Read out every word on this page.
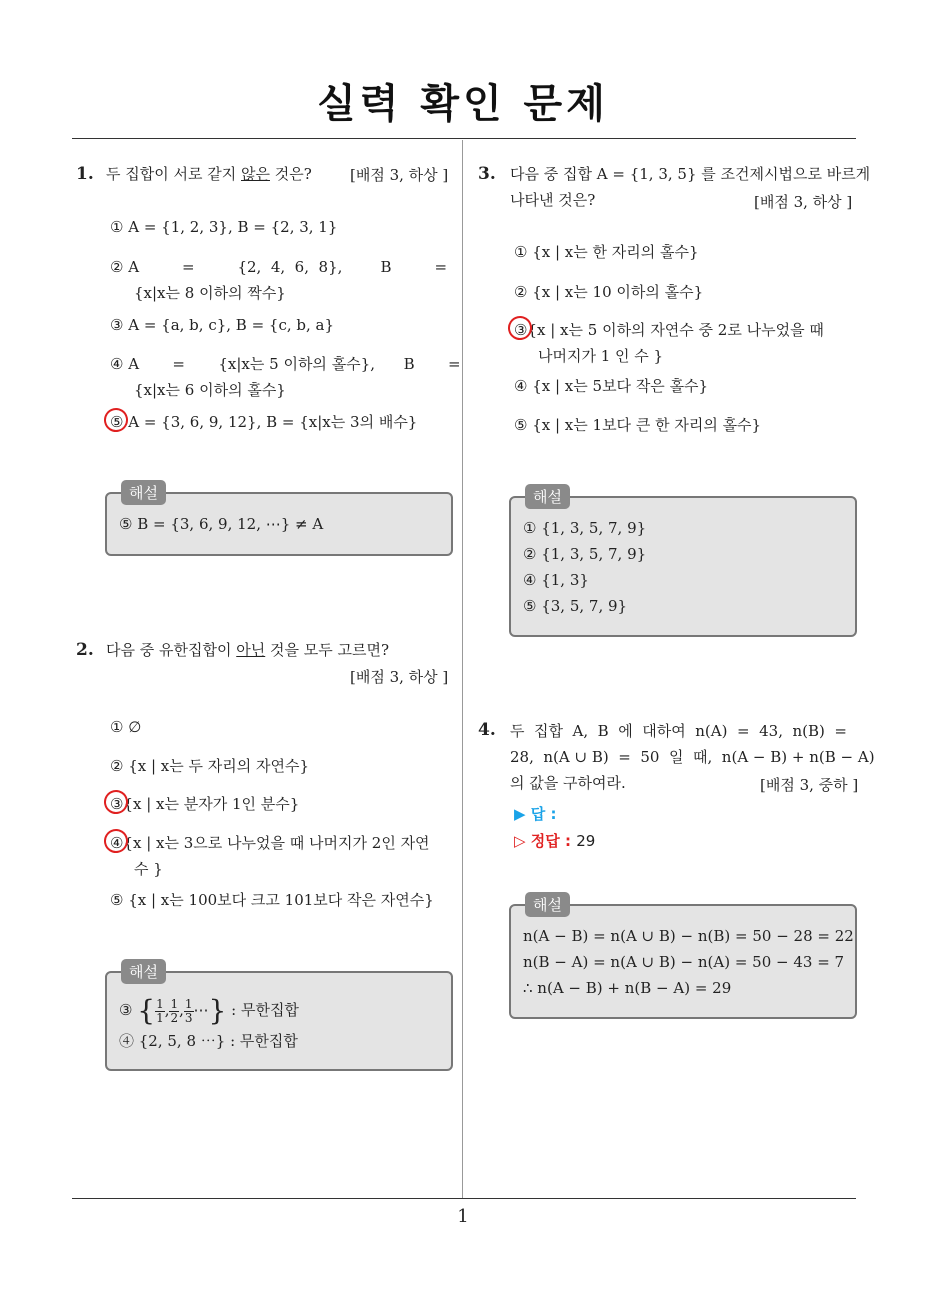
실력 확인 문제
1. 두 집합이 서로 같지 않은 것은?	[배점 3, 하상 ]
① A = {1, 2, 3}, B = {2, 3, 1}
② A         =         {2,  4,  6,  8},        B         =
{x|x는 8 이하의 짝수}
③ A = {a, b, c}, B = {c, b, a}
④ A       =       {x|x는 5 이하의 홀수},      B       =
{x|x는 6 이하의 홀수}
⑤ A = {3, 6, 9, 12}, B = {x|x는 3의 배수}
해설
⑤ B = {3, 6, 9, 12, ⋯} ≠ A
2. 다음 중 유한집합이 아닌 것을 모두 고르면?
[배점 3, 하상 ]
① ∅
② {x | x는 두 자리의 자연수}
③{x | x는 분자가 1인 분수}
④{x | x는 3으로 나누었을 때 나머지가 2인 자연
수 }
⑤ {x | x는 100보다 크고 101보다 작은 자연수}
해설
③ { $\frac{1}{1}$ , $\frac{1}{2}$ , $\frac{1}{3}$ ⋯} : 무한집합
④ {2, 5, 8 ⋯} : 무한집합
3. 다음 중 집합 A = {1, 3, 5} 를 조건제시법으로 바르게
나타낸 것은?	[배점 3, 하상 ]
① {x | x는 한 자리의 홀수}
② {x | x는 10 이하의 홀수}
③{x | x는 5 이하의 자연수 중 2로 나누었을 때
나머지가 1 인 수 }
④ {x | x는 5보다 작은 홀수}
⑤ {x | x는 1보다 큰 한 자리의 홀수}
해설
① {1, 3, 5, 7, 9}
② {1, 3, 5, 7, 9}
④ {1, 3}
⑤ {3, 5, 7, 9}
4. 두  집합  A,  B  에  대하여  n(A)  =  43,  n(B)  =
28,  n(A ∪ B)  =  50  일  때,  n(A − B) + n(B − A)
의 값을 구하여라.	[배점 3, 중하 ]
▶ 답 :
▷ 정답 : 29
해설
n(A − B) = n(A ∪ B) − n(B) = 50 − 28 = 22
n(B − A) = n(A ∪ B) − n(A) = 50 − 43 = 7
∴ n(A − B) + n(B − A) = 29
1
